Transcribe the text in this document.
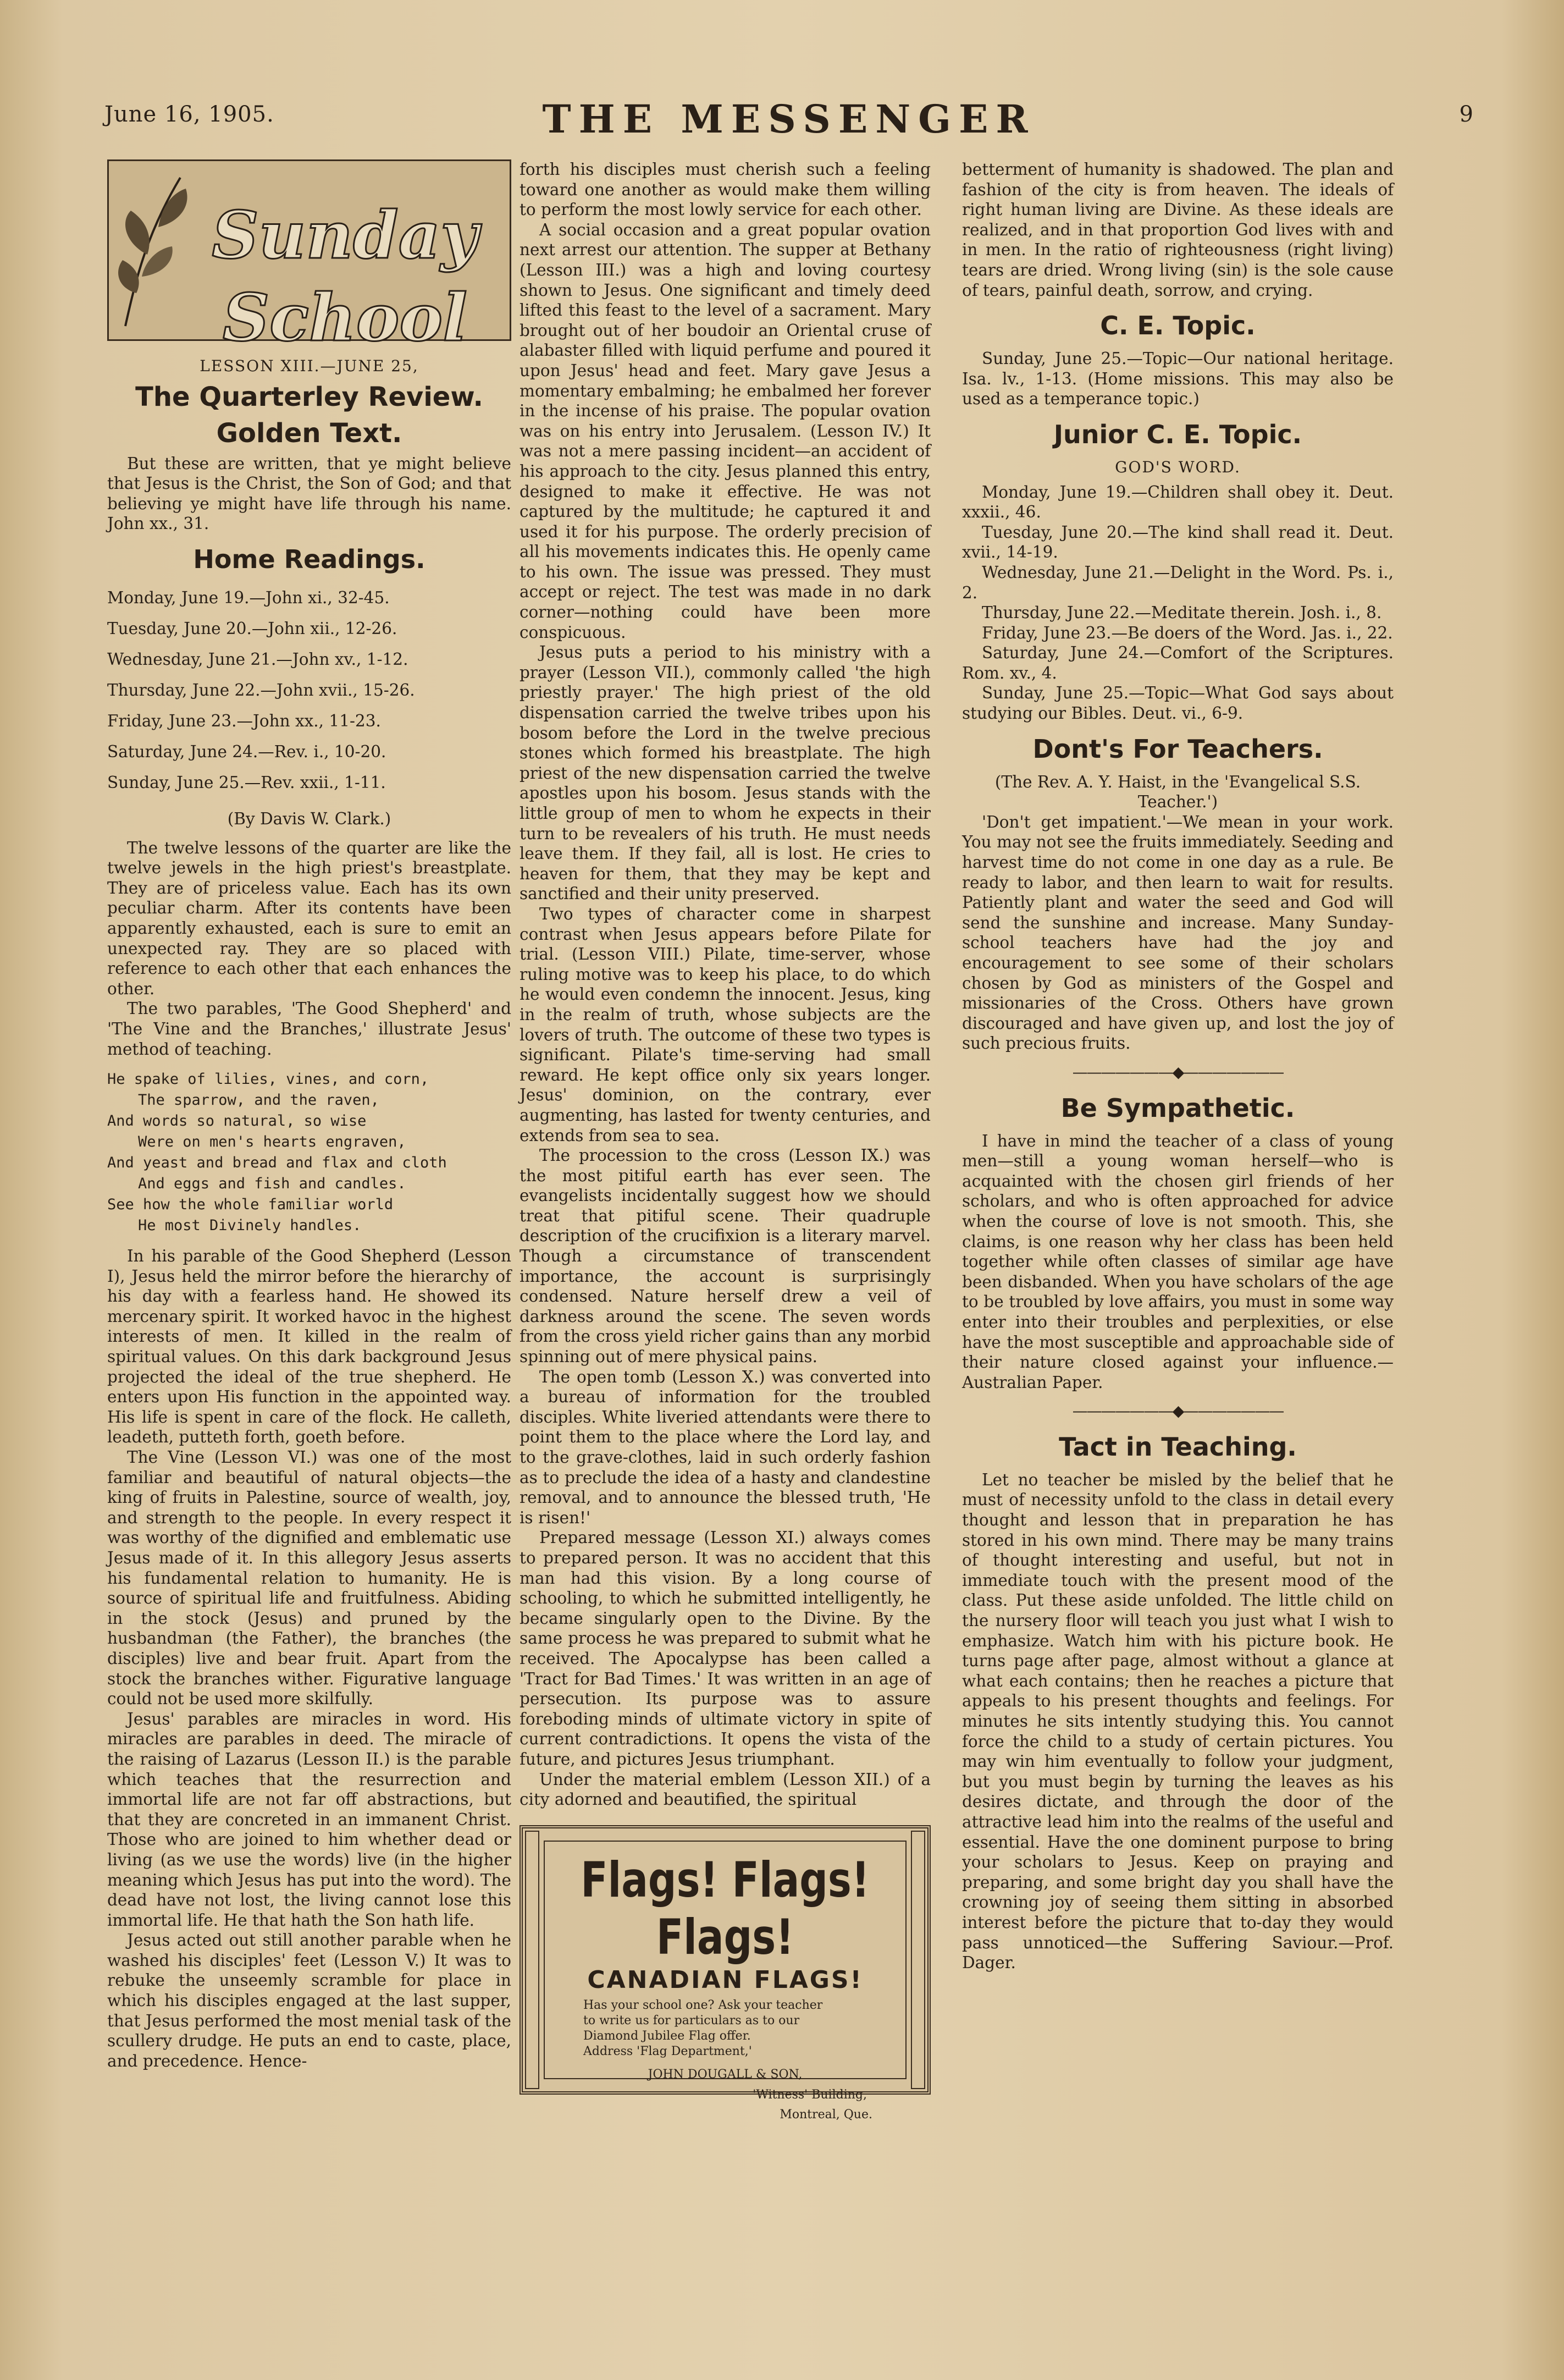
June 16, 1905.	THE MESSENGER	9
Sunday School
LESSON XIII.—JUNE 25,
The Quarterley Review.
Golden Text.

But these are written, that ye might believe that Jesus is the Christ, the Son of God; and that believing ye might have life through his name. John xx., 31.

Home Readings.
Monday, June 19.—John xi., 32-45.
Tuesday, June 20.—John xii., 12-26.
Wednesday, June 21.—John xv., 1-12.
Thursday, June 22.—John xvii., 15-26.
Friday, June 23.—John xx., 11-23.
Saturday, June 24.—Rev. i., 10-20.
Sunday, June 25.—Rev. xxii., 1-11.
(By Davis W. Clark.)

The twelve lessons of the quarter are like the twelve jewels in the high priest's breastplate. They are of priceless value. Each has its own peculiar charm. After its contents have been apparently exhausted, each is sure to emit an unexpected ray. They are so placed with reference to each other that each enhances the other.

The two parables, 'The Good Shepherd' and 'The Vine and the Branches,' illustrate Jesus' method of teaching.

He spake of lilies, vines, and corn,
The sparrow, and the raven,
And words so natural, so wise
Were on men's hearts engraven,
And yeast and bread and flax and cloth
And eggs and fish and candles.
See how the whole familiar world
He most Divinely handles.

In his parable of the Good Shepherd (Lesson I), Jesus held the mirror before the hierarchy of his day with a fearless hand. He showed its mercenary spirit. It worked havoc in the highest interests of men. It killed in the realm of spiritual values. On this dark background Jesus projected the ideal of the true shepherd. He enters upon His function in the appointed way. His life is spent in care of the flock. He calleth, leadeth, putteth forth, goeth before.

The Vine (Lesson VI.) was one of the most familiar and beautiful of natural objects—the king of fruits in Palestine, source of wealth, joy, and strength to the people. In every respect it was worthy of the dignified and emblematic use Jesus made of it. In this allegory Jesus asserts his fundamental relation to humanity. He is source of spiritual life and fruitfulness. Abiding in the stock (Jesus) and pruned by the husbandman (the Father), the branches (the disciples) live and bear fruit. Apart from the stock the branches wither. Figurative language could not be used more skilfully.

Jesus' parables are miracles in word. His miracles are parables in deed. The miracle of the raising of Lazarus (Lesson II.) is the parable which teaches that the resurrection and immortal life are not far off abstractions, but that they are concreted in an immanent Christ. Those who are joined to him whether dead or living (as we use the words) live (in the higher meaning which Jesus has put into the word). The dead have not lost, the living cannot lose this immortal life. He that hath the Son hath life.

Jesus acted out still another parable when he washed his disciples' feet (Lesson V.) It was to rebuke the unseemly scramble for place in which his disciples engaged at the last supper, that Jesus performed the most menial task of the scullery drudge. He puts an end to caste, place, and precedence. Hence-

forth his disciples must cherish such a feeling toward one another as would make them willing to perform the most lowly service for each other.

A social occasion and a great popular ovation next arrest our attention. The supper at Bethany (Lesson III.) was a high and loving courtesy shown to Jesus. One significant and timely deed lifted this feast to the level of a sacrament. Mary brought out of her boudoir an Oriental cruse of alabaster filled with liquid perfume and poured it upon Jesus' head and feet. Mary gave Jesus a momentary embalming; he embalmed her forever in the incense of his praise. The popular ovation was on his entry into Jerusalem. (Lesson IV.) It was not a mere passing incident—an accident of his approach to the city. Jesus planned this entry, designed to make it effective. He was not captured by the multitude; he captured it and used it for his purpose. The orderly precision of all his movements indicates this. He openly came to his own. The issue was pressed. They must accept or reject. The test was made in no dark corner—nothing could have been more conspicuous.

Jesus puts a period to his ministry with a prayer (Lesson VII.), commonly called 'the high priestly prayer.' The high priest of the old dispensation carried the twelve tribes upon his bosom before the Lord in the twelve precious stones which formed his breastplate. The high priest of the new dispensation carried the twelve apostles upon his bosom. Jesus stands with the little group of men to whom he expects in their turn to be revealers of his truth. He must needs leave them. If they fail, all is lost. He cries to heaven for them, that they may be kept and sanctified and their unity preserved.

Two types of character come in sharpest contrast when Jesus appears before Pilate for trial. (Lesson VIII.) Pilate, time-server, whose ruling motive was to keep his place, to do which he would even condemn the innocent. Jesus, king in the realm of truth, whose subjects are the lovers of truth. The outcome of these two types is significant. Pilate's time-serving had small reward. He kept office only six years longer. Jesus' dominion, on the contrary, ever augmenting, has lasted for twenty centuries, and extends from sea to sea.

The procession to the cross (Lesson IX.) was the most pitiful earth has ever seen. The evangelists incidentally suggest how we should treat that pitiful scene. Their quadruple description of the crucifixion is a literary marvel. Though a circumstance of transcendent importance, the account is surprisingly condensed. Nature herself drew a veil of darkness around the scene. The seven words from the cross yield richer gains than any morbid spinning out of mere physical pains.

The open tomb (Lesson X.) was converted into a bureau of information for the troubled disciples. White liveried attendants were there to point them to the place where the Lord lay, and to the grave-clothes, laid in such orderly fashion as to preclude the idea of a hasty and clandestine removal, and to announce the blessed truth, 'He is risen!'

Prepared message (Lesson XI.) always comes to prepared person. It was no accident that this man had this vision. By a long course of schooling, to which he submitted intelligently, he became singularly open to the Divine. By the same process he was prepared to submit what he received. The Apocalypse has been called a 'Tract for Bad Times.' It was written in an age of persecution. Its purpose was to assure foreboding minds of ultimate victory in spite of current contradictions. It opens the vista of the future, and pictures Jesus triumphant.

Under the material emblem (Lesson XII.) of a city adorned and beautified, the spiritual

Flags! Flags! Flags!
CANADIAN FLAGS!
Has your school one? Ask your teacher
to write us for particulars as to our
Diamond Jubilee Flag offer.
Address 'Flag Department,'
JOHN DOUGALL & SON,
'Witness' Building,
Montreal, Que.

betterment of humanity is shadowed. The plan and fashion of the city is from heaven. The ideals of right human living are Divine. As these ideals are realized, and in that proportion God lives with and in men. In the ratio of righteousness (right living) tears are dried. Wrong living (sin) is the sole cause of tears, painful death, sorrow, and crying.

C. E. Topic.

Sunday, June 25.—Topic—Our national heritage. Isa. lv., 1-13. (Home missions. This may also be used as a temperance topic.)

Junior C. E. Topic.
GOD'S WORD.

Monday, June 19.—Children shall obey it. Deut. xxxii., 46.

Tuesday, June 20.—The kind shall read it. Deut. xvii., 14-19.

Wednesday, June 21.—Delight in the Word. Ps. i., 2.

Thursday, June 22.—Meditate therein. Josh. i., 8.

Friday, June 23.—Be doers of the Word. Jas. i., 22.

Saturday, June 24.—Comfort of the Scriptures. Rom. xv., 4.

Sunday, June 25.—Topic—What God says about studying our Bibles. Deut. vi., 6-9.

Dont's For Teachers.
(The Rev. A. Y. Haist, in the 'Evangelical S.S. Teacher.')

'Don't get impatient.'—We mean in your work. You may not see the fruits immediately. Seeding and harvest time do not come in one day as a rule. Be ready to labor, and then learn to wait for results. Patiently plant and water the seed and God will send the sunshine and increase. Many Sunday-school teachers have had the joy and encouragement to see some of their scholars chosen by God as ministers of the Gospel and missionaries of the Cross. Others have grown discouraged and have given up, and lost the joy of such precious fruits.

———————◆———————
Be Sympathetic.

I have in mind the teacher of a class of young men—still a young woman herself—who is acquainted with the chosen girl friends of her scholars, and who is often approached for advice when the course of love is not smooth. This, she claims, is one reason why her class has been held together while often classes of similar age have been disbanded. When you have scholars of the age to be troubled by love affairs, you must in some way enter into their troubles and perplexities, or else have the most susceptible and approachable side of their nature closed against your influence.—Australian Paper.

———————◆———————
Tact in Teaching.

Let no teacher be misled by the belief that he must of necessity unfold to the class in detail every thought and lesson that in preparation he has stored in his own mind. There may be many trains of thought interesting and useful, but not in immediate touch with the present mood of the class. Put these aside unfolded. The little child on the nursery floor will teach you just what I wish to emphasize. Watch him with his picture book. He turns page after page, almost without a glance at what each contains; then he reaches a picture that appeals to his present thoughts and feelings. For minutes he sits intently studying this. You cannot force the child to a study of certain pictures. You may win him eventually to follow your judgment, but you must begin by turning the leaves as his desires dictate, and through the door of the attractive lead him into the realms of the useful and essential. Have the one dominent purpose to bring your scholars to Jesus. Keep on praying and preparing, and some bright day you shall have the crowning joy of seeing them sitting in absorbed interest before the picture that to-day they would pass unnoticed—the Suffering Saviour.—Prof. Dager.
